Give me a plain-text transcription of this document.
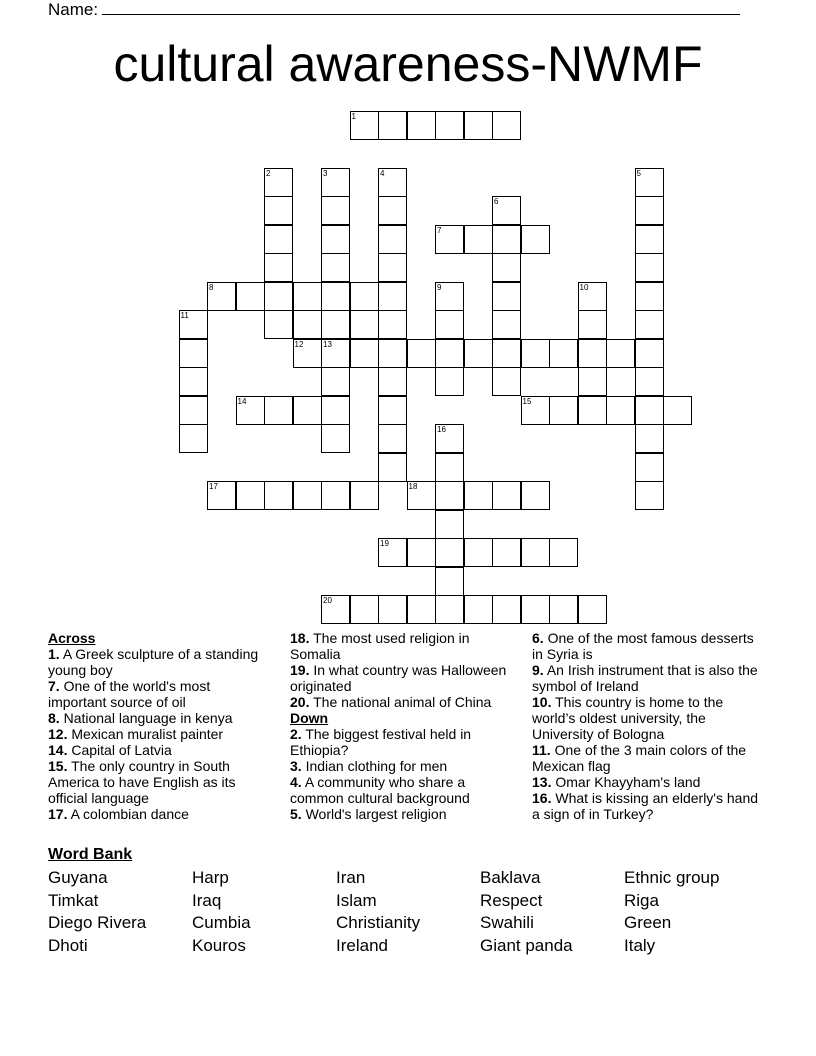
Name:
cultural awareness-NWMF
1
2	3	4	5
6
7
8	9	10
11
12 13
14	15
16
17	18
19
20
Across
1. A Greek sculpture of a standing young boy
7. One of the world's most important source of oil
8. National language in kenya
12. Mexican muralist painter
14. Capital of Latvia
15. The only country in South America to have English as its official language
17. A colombian dance
18. The most used religion in Somalia
19. In what country was Halloween originated
20. The national animal of China
Down
2. The biggest festival held in Ethiopia?
3. Indian clothing for men
4. A community who share a common cultural background
5. World's largest religion
6. One of the most famous desserts in Syria is
9. An Irish instrument that is also the symbol of Ireland
10. This country is home to the world’s oldest university, the University of Bologna
11. One of the 3 main colors of the Mexican flag
13. Omar Khayyham's land
16. What is kissing an elderly's hand a sign of in Turkey?
Word Bank
Guyana	Harp	Iran	Baklava	Ethnic group
Timkat	Iraq	Islam	Respect	Riga
Diego Rivera	Cumbia	Christianity	Swahili	Green
Dhoti	Kouros	Ireland	Giant panda	Italy
